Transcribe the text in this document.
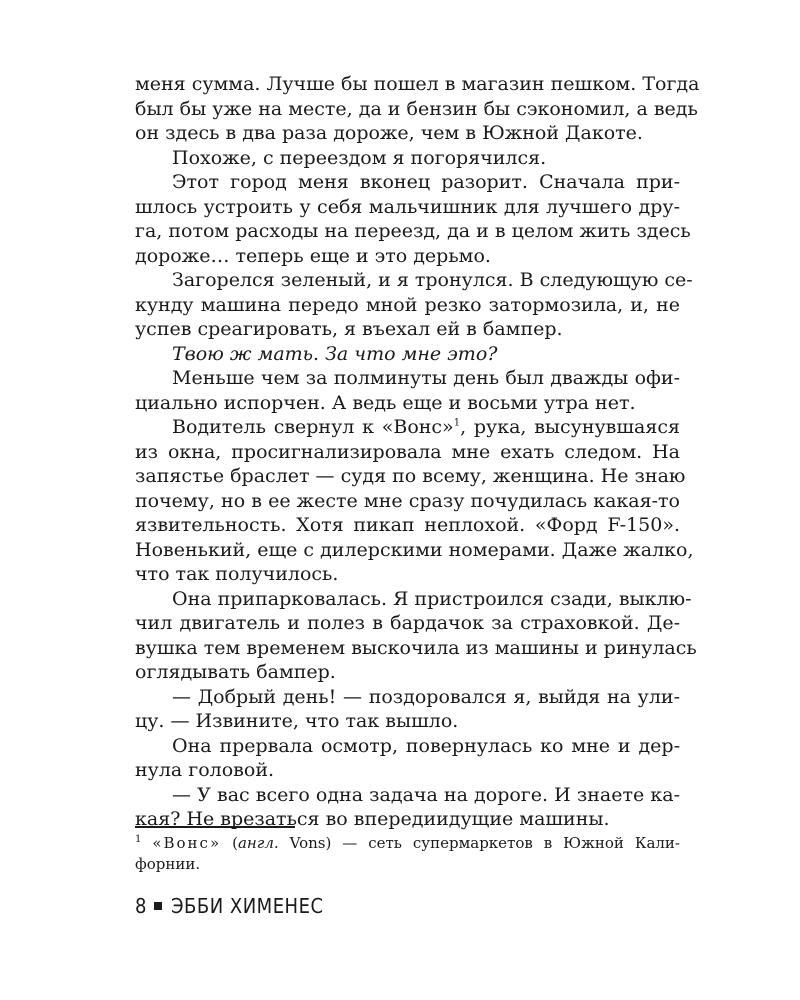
меня сумма. Лучше бы пошел в магазин пешком. Тогда
был бы уже на месте, да и бензин бы сэкономил, а ведь
он здесь в два раза дороже, чем в Южной Дакоте.

Похоже, с переездом я погорячился.

Этот город меня вконец разорит. Сначала при-
шлось устроить у себя мальчишник для лучшего дру-
га, потом расходы на переезд, да и в целом жить здесь
дороже… теперь еще и это дерьмо.

Загорелся зеленый, и я тронулся. В следующую се-
кунду машина передо мной резко затормозила, и, не
успев среагировать, я въехал ей в бампер.

Твою ж мать. За что мне это?

Меньше чем за полминуты день был дважды офи-
циально испорчен. А ведь еще и восьми утра нет.

Водитель свернул к «Вонс»$^1$, рука, высунувшаяся
из окна, просигнализировала мне ехать следом. На
запястье браслет — судя по всему, женщина. Не знаю
почему, но в ее жесте мне сразу почудилась какая-то
язвительность. Хотя пикап неплохой. «Форд F-150».
Новенький, еще с дилерскими номерами. Даже жалко,
что так получилось.

Она припарковалась. Я пристроился сзади, выклю-
чил двигатель и полез в бардачок за страховкой. Де-
вушка тем временем выскочила из машины и ринулась
оглядывать бампер.

— Добрый день! — поздоровался я, выйдя на ули-
цу. — Извините, что так вышло.

Она прервала осмотр, повернулась ко мне и дер-
нула головой.

— У вас всего одна задача на дороге. И знаете ка-
кая? Не врезаться во впередиидущие машины.

$^1$ «Вонс» (англ. Vons) — сеть супермаркетов в Южной Кали-
форнии.
8 ЭББИ ХИМЕНЕС
